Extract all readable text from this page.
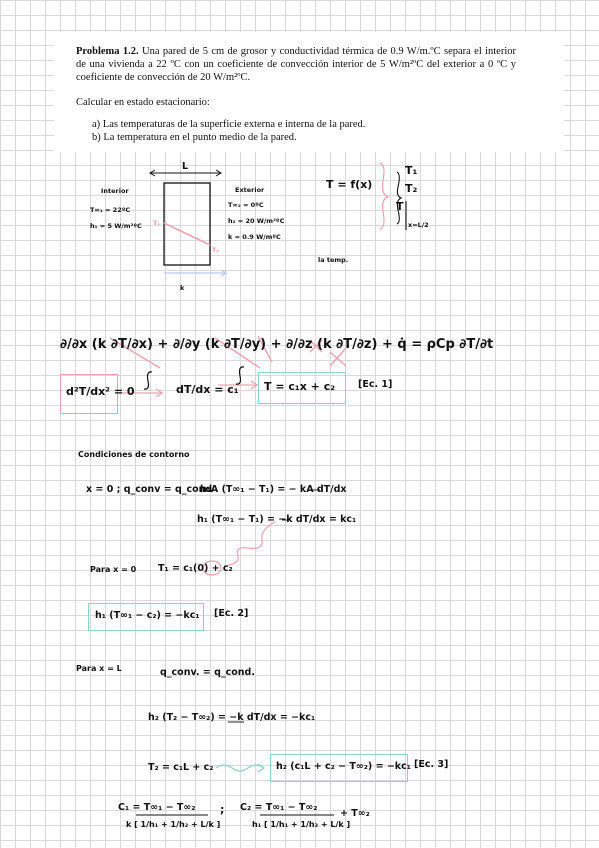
Problema 1.2. Una pared de 5 cm de grosor y conductividad térmica de 0.9 W/m.ºC separa el interior de una vivienda a 22 ºC con un coeficiente de convección interior de 5 W/m²ºC del exterior a 0 ºC y coeficiente de convección de 20 W/m²ºC.
Calcular en estado estacionario:
a) Las temperaturas de la superficie externa e interna de la pared.
b) La temperatura en el punto medio de la pared.
L
Interior
T∞₁ = 22ºC
h₁ = 5 W/m²ºC
Exterior
T∞₂ = 0ºC
h₂ = 20 W/m²ºC
k = 0.9 W/mºC
T₁
T₂
x
k
T = f(x)
T₁
T₂
T
x=L/2
la temp.
∂/∂x (k ∂T/∂x) + ∂/∂y (k ∂T/∂y) + ∂/∂z (k ∂T/∂z) + q̇ = ρCp ∂T/∂t
d²T/dx² = 0	dT/dx = c₁ T = c₁x + c₂ [Ec. 1]
Condiciones de contorno
x = 0 ; q_conv = q_cond
h₁A (T∞₁ − T₁) = − kA dT/dx
h₁ (T∞₁ − T₁) = −k dT/dx = kc₁
Para x = 0 T₁ = c₁(0) + c₂
h₁ (T∞₁ − c₂) = −kc₁ [Ec. 2]
Para x = L	q_conv. = q_cond.
h₂ (T₂ − T∞₂) = −k dT/dx = −kc₁
T₂ = c₁L + c₂	h₂ (c₁L + c₂ − T∞₂) = −kc₁ [Ec. 3]
C₁ = T∞₁ − T∞₂
k [ 1/h₁ + 1/h₂ + L/k ]
; C₂ = T∞₁ − T∞₂
h₁ [ 1/h₁ + 1/h₂ + L/k ]
+ T∞₂
